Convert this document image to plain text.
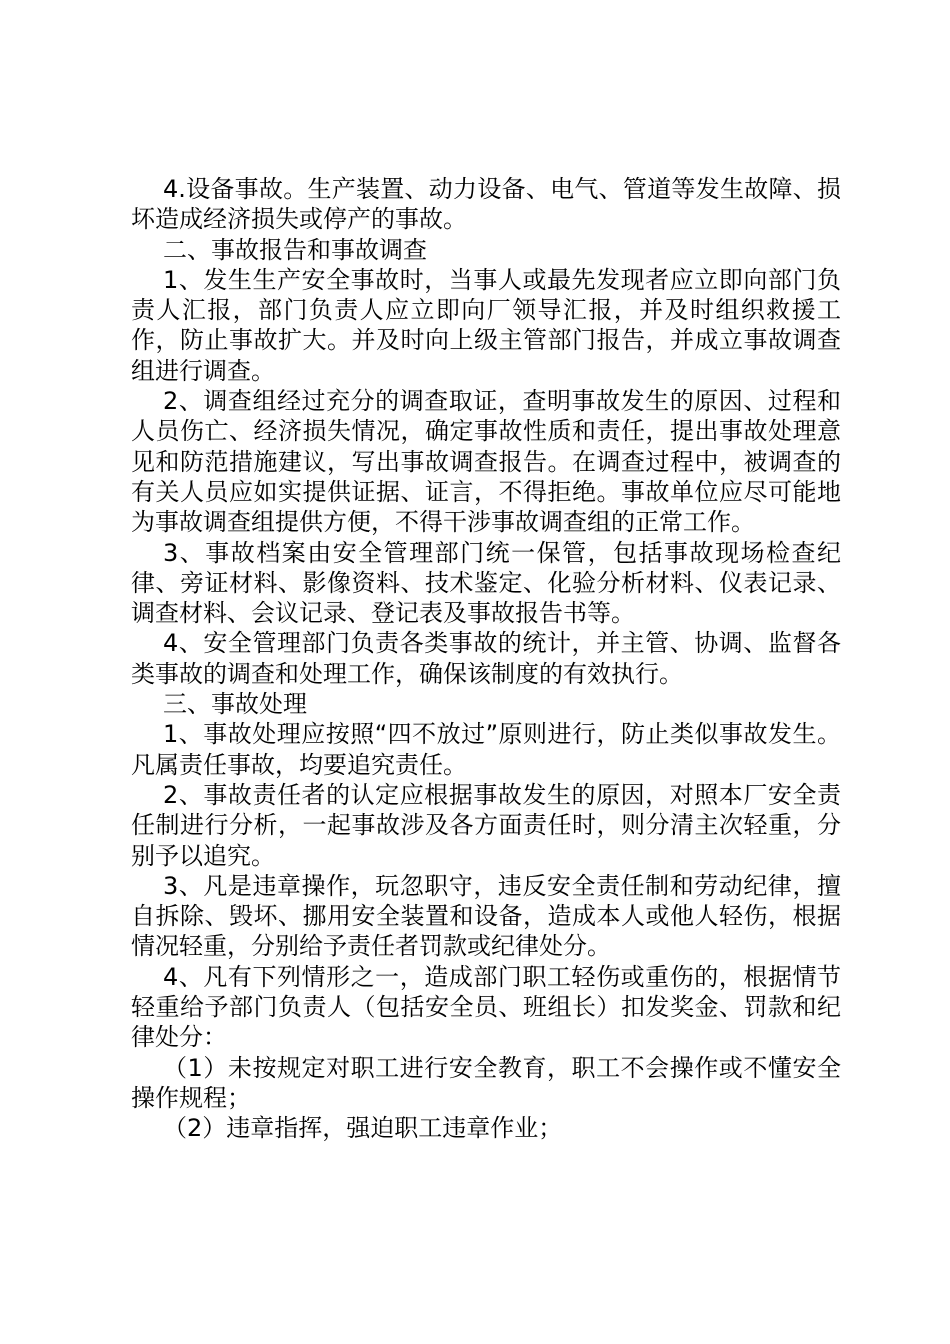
4.设备事故。生产装置、动力设备、电气、管道等发生故障、损坏造成经济损失或停产的事故。

二、事故报告和事故调查

1、发生生产安全事故时，当事人或最先发现者应立即向部门负责人汇报，部门负责人应立即向厂领导汇报，并及时组织救援工作，防止事故扩大。并及时向上级主管部门报告，并成立事故调查组进行调查。

2、调查组经过充分的调查取证，查明事故发生的原因、过程和人员伤亡、经济损失情况，确定事故性质和责任，提出事故处理意见和防范措施建议，写出事故调查报告。在调查过程中，被调查的有关人员应如实提供证据、证言，不得拒绝。事故单位应尽可能地为事故调查组提供方便，不得干涉事故调查组的正常工作。

3、事故档案由安全管理部门统一保管，包括事故现场检查纪律、旁证材料、影像资料、技术鉴定、化验分析材料、仪表记录、调查材料、会议记录、登记表及事故报告书等。

4、安全管理部门负责各类事故的统计，并主管、协调、监督各类事故的调查和处理工作，确保该制度的有效执行。

三、事故处理

1、事故处理应按照“四不放过”原则进行，防止类似事故发生。凡属责任事故，均要追究责任。

2、事故责任者的认定应根据事故发生的原因，对照本厂安全责任制进行分析，一起事故涉及各方面责任时，则分清主次轻重，分别予以追究。

3、凡是违章操作，玩忽职守，违反安全责任制和劳动纪律，擅自拆除、毁坏、挪用安全装置和设备，造成本人或他人轻伤，根据情况轻重，分别给予责任者罚款或纪律处分。

4、凡有下列情形之一，造成部门职工轻伤或重伤的，根据情节轻重给予部门负责人（包括安全员、班组长）扣发奖金、罚款和纪律处分：

（1）未按规定对职工进行安全教育，职工不会操作或不懂安全操作规程；

（2）违章指挥，强迫职工违章作业；
